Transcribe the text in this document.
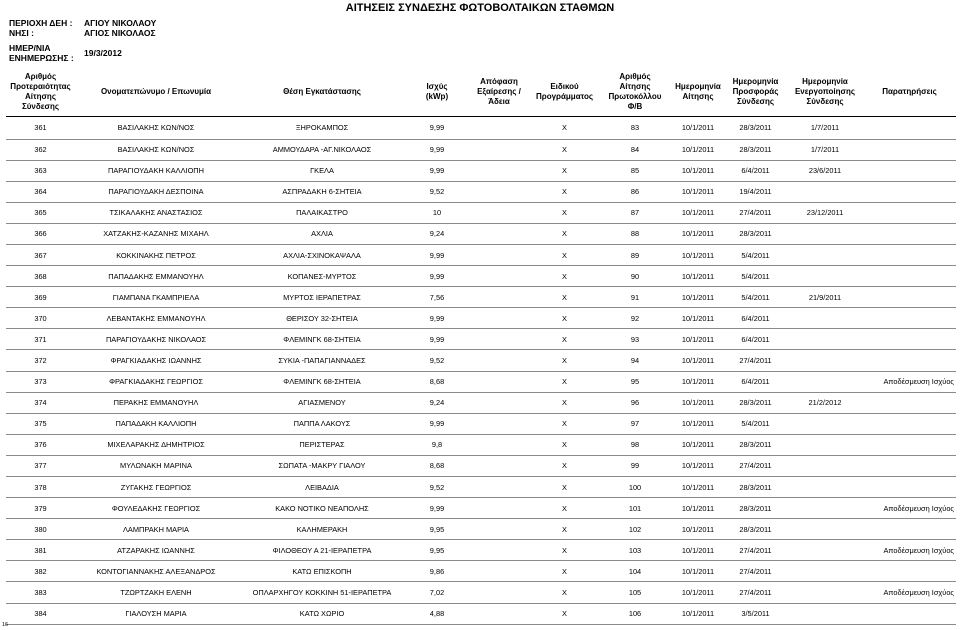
ΑΙΤΗΣΕΙΣ ΣΥΝΔΕΣΗΣ ΦΩΤΟΒΟΛΤΑΙΚΩΝ ΣΤΑΘΜΩΝ
ΠΕΡΙΟΧΗ ΔΕΗ :	ΑΓΙΟΥ ΝΙΚΟΛΑΟΥ
ΝΗΣΙ :	ΑΓΙΟΣ ΝΙΚΟΛΑΟΣ
ΗΜΕΡ/ΝΙΑ
ΕΝΗΜΕΡΩΣΗΣ :	19/3/2012
Αριθμός
Προτεραιότητας
Αίτησης Σύνδεσης	Ονοματεπώνυμο / Επωνυμία	Θέση Εγκατάστασης	Ισχύς
(kWp)	Απόφαση
Εξαίρεσης /
Άδεια	Ειδικού
Προγράμματος	Αριθμός
Αίτησης
Πρωτοκόλλου
Φ/Β	Ημερομηνία
Αίτησης	Ημερομηνία
Προσφοράς
Σύνδεσης	Ημερομηνία
Ενεργοποίησης
Σύνδεσης	Παρατηρήσεις
361	ΒΑΣΙΛΑΚΗΣ ΚΩΝ/ΝΟΣ	ΞΗΡΟΚΑΜΠΟΣ	9,99		X	83	10/1/2011	28/3/2011	1/7/2011	
362	ΒΑΣΙΛΑΚΗΣ ΚΩΝ/ΝΟΣ	ΑΜΜΟΥΔΑΡΑ -ΑΓ.ΝΙΚΟΛΑΟΣ	9,99		X	84	10/1/2011	28/3/2011	1/7/2011	
363	ΠΑΡΑΓΙΟΥΔΑΚΗ ΚΑΛΛΙΟΠΗ	ΓΚΕΛΑ	9,99		X	85	10/1/2011	6/4/2011	23/6/2011	
364	ΠΑΡΑΓΙΟΥΔΑΚΗ ΔΕΣΠΟΙΝΑ	ΑΣΠΡΑΔΑΚΗ 6-ΣΗΤΕΙΑ	9,52		X	86	10/1/2011	19/4/2011		
365	ΤΣΙΚΑΛΑΚΗΣ ΑΝΑΣΤΑΣΙΟΣ	ΠΑΛΑΙΚΑΣΤΡΟ	10		X	87	10/1/2011	27/4/2011	23/12/2011	
366	ΧΑΤΖΑΚΗΣ-ΚΑΖΑΝΗΣ ΜΙΧΑΗΛ	ΑΧΛΙΑ	9,24		X	88	10/1/2011	28/3/2011		
367	ΚΟΚΚΙΝΑΚΗΣ ΠΕΤΡΟΣ	ΑΧΛΙΑ-ΣΧΙΝΟΚΑΨΑΛΑ	9,99		X	89	10/1/2011	5/4/2011		
368	ΠΑΠΑΔΑΚΗΣ ΕΜΜΑΝΟΥΗΛ	ΚΟΠΑΝΕΣ-ΜΥΡΤΟΣ	9,99		X	90	10/1/2011	5/4/2011		
369	ΓΙΑΜΠΑΝΑ ΓΚΑΜΠΡΙΕΛΑ	ΜΥΡΤΟΣ ΙΕΡΑΠΕΤΡΑΣ	7,56		X	91	10/1/2011	5/4/2011	21/9/2011	
370	ΛΕΒΑΝΤΑΚΗΣ ΕΜΜΑΝΟΥΗΛ	ΘΕΡΙΣΟΥ 32-ΣΗΤΕΙΑ	9,99		X	92	10/1/2011	6/4/2011		
371	ΠΑΡΑΓΙΟΥΔΑΚΗΣ ΝΙΚΟΛΑΟΣ	ΦΛΕΜΙΝΓΚ 68-ΣΗΤΕΙΑ	9,99		X	93	10/1/2011	6/4/2011		
372	ΦΡΑΓΚΙΑΔΑΚΗΣ ΙΩΑΝΝΗΣ	ΣΥΚΙΑ -ΠΑΠΑΓΙΑΝΝΑΔΕΣ	9,52		X	94	10/1/2011	27/4/2011		
373	ΦΡΑΓΚΙΑΔΑΚΗΣ ΓΕΩΡΓΙΟΣ	ΦΛΕΜΙΝΓΚ 68-ΣΗΤΕΙΑ	8,68		X	95	10/1/2011	6/4/2011		Αποδέσμευση Ισχύος
374	ΠΕΡΑΚΗΣ ΕΜΜΑΝΟΥΗΛ	ΑΓΙΑΣΜΕΝΟΥ	9,24		X	96	10/1/2011	28/3/2011	21/2/2012	
375	ΠΑΠΑΔΑΚΗ ΚΑΛΛΙΟΠΗ	ΠΑΠΠΑ ΛΑΚΟΥΣ	9,99		X	97	10/1/2011	5/4/2011		
376	ΜΙΧΕΛΑΡΑΚΗΣ ΔΗΜΗΤΡΙΟΣ	ΠΕΡΙΣΤΕΡΑΣ	9,8		X	98	10/1/2011	28/3/2011		
377	ΜΥΛΩΝΑΚΗ ΜΑΡΙΝΑ	ΣΩΠΑΤΑ -ΜΑΚΡΥ ΓΙΑΛΟΥ	8,68		X	99	10/1/2011	27/4/2011		
378	ΖΥΓΑΚΗΣ ΓΕΩΡΓΙΟΣ	ΛΕΙΒΑΔΙΑ	9,52		X	100	10/1/2011	28/3/2011		
379	ΦΟΥΛΕΔΑΚΗΣ ΓΕΩΡΓΙΟΣ	ΚΑΚΟ ΝΟΤΙΚΟ ΝΕΑΠΟΛΗΣ	9,99		X	101	10/1/2011	28/3/2011		Αποδέσμευση Ισχύος
380	ΛΑΜΠΡΑΚΗ ΜΑΡΙΑ	ΚΑΛΗΜΕΡΑΚΗ	9,95		X	102	10/1/2011	28/3/2011		
381	ΑΤΖΑΡΑΚΗΣ ΙΩΑΝΝΗΣ	ΦΙΛΟΘΕΟΥ Α 21-ΙΕΡΑΠΕΤΡΑ	9,95		X	103	10/1/2011	27/4/2011		Αποδέσμευση Ισχύος
382	ΚΟΝΤΟΓΙΑΝΝΑΚΗΣ ΑΛΕΞΑΝΔΡΟΣ	ΚΑΤΩ ΕΠΙΣΚΟΠΗ	9,86		X	104	10/1/2011	27/4/2011		
383	ΤΖΩΡΤΖΑΚΗ ΕΛΕΝΗ	ΟΠΛΑΡΧΗΓΟΥ ΚΟΚΚΙΝΗ 51-ΙΕΡΑΠΕΤΡΑ	7,02		X	105	10/1/2011	27/4/2011		Αποδέσμευση Ισχύος
384	ΓΙΑΛΟΥΣΗ ΜΑΡΙΑ	ΚΑΤΩ ΧΩΡΙΟ	4,88		X	106	10/1/2011	3/5/2011		
16
